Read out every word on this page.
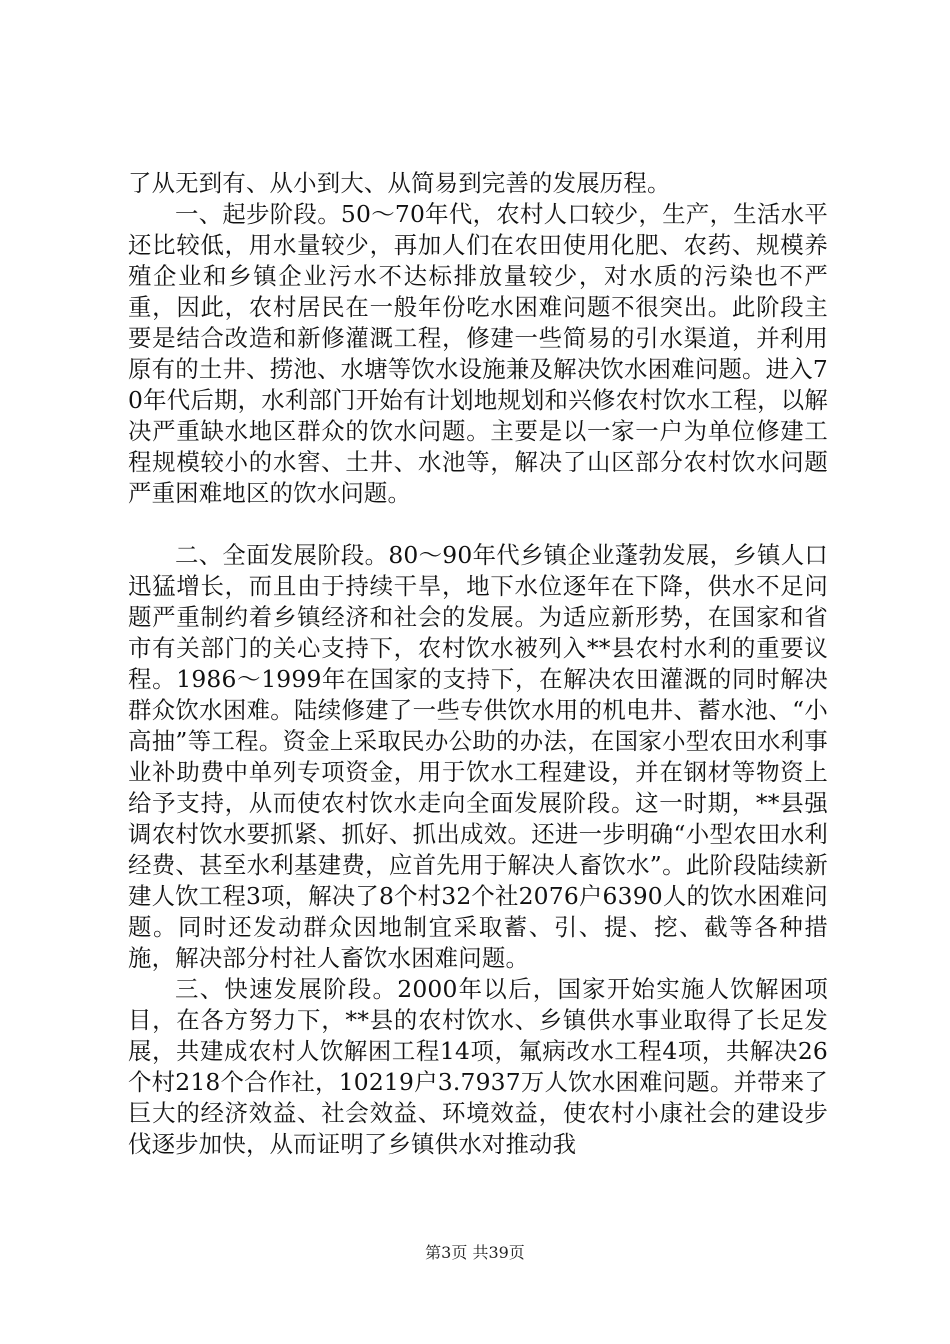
了从无到有、从小到大、从简易到完善的发展历程。

一、起步阶段。50～70年代，农村人口较少，生产，生活水平还比较低，用水量较少，再加人们在农田使用化肥、农药、规模养殖企业和乡镇企业污水不达标排放量较少，对水质的污染也不严重，因此，农村居民在一般年份吃水困难问题不很突出。此阶段主要是结合改造和新修灌溉工程，修建一些简易的引水渠道，并利用原有的土井、捞池、水塘等饮水设施兼及解决饮水困难问题。进入70年代后期，水利部门开始有计划地规划和兴修农村饮水工程，以解决严重缺水地区群众的饮水问题。主要是以一家一户为单位修建工程规模较小的水窖、土井、水池等，解决了山区部分农村饮水问题严重困难地区的饮水问题。

二、全面发展阶段。80～90年代乡镇企业蓬勃发展，乡镇人口迅猛增长，而且由于持续干旱，地下水位逐年在下降，供水不足问题严重制约着乡镇经济和社会的发展。为适应新形势，在国家和省市有关部门的关心支持下，农村饮水被列入**县农村水利的重要议程。1986～1999年在国家的支持下，在解决农田灌溉的同时解决群众饮水困难。陆续修建了一些专供饮水用的机电井、蓄水池、“小高抽”等工程。资金上采取民办公助的办法，在国家小型农田水利事业补助费中单列专项资金，用于饮水工程建设，并在钢材等物资上给予支持，从而使农村饮水走向全面发展阶段。这一时期，**县强调农村饮水要抓紧、抓好、抓出成效。还进一步明确“小型农田水利经费、甚至水利基建费，应首先用于解决人畜饮水”。此阶段陆续新建人饮工程3项，解决了8个村32个社2076户6390人的饮水困难问题。同时还发动群众因地制宜采取蓄、引、提、挖、截等各种措施，解决部分村社人畜饮水困难问题。

三、快速发展阶段。2000年以后，国家开始实施人饮解困项目，在各方努力下，**县的农村饮水、乡镇供水事业取得了长足发展，共建成农村人饮解困工程14项，氟病改水工程4项，共解决26个村218个合作社，10219户3.7937万人饮水困难问题。并带来了巨大的经济效益、社会效益、环境效益，使农村小康社会的建设步伐逐步加快，从而证明了乡镇供水对推动我

第3页 共39页
